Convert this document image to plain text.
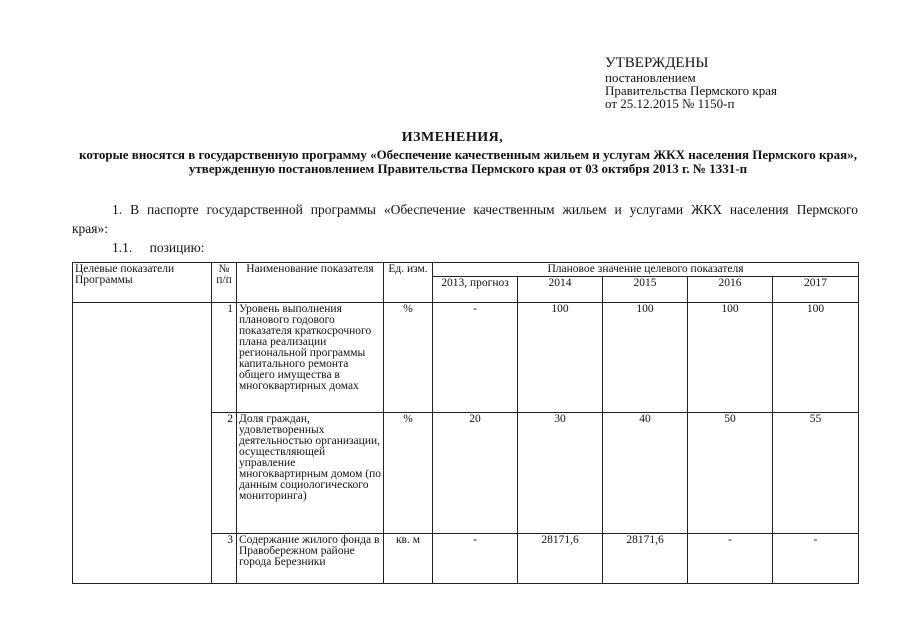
УТВЕРЖДЕНЫ
постановлением
Правительства Пермского края
от 25.12.2015 № 1150-п
ИЗМЕНЕНИЯ,
которые вносятся в государственную программу «Обеспечение качественным жильем и услугам ЖКХ населения Пермского края», утвержденную постановлением Правительства Пермского края от 03 октября 2013 г. № 1331-п
1. В паспорте государственной программы «Обеспечение качественным жильем и услугами ЖКХ населения Пермского края»:
1.1. позицию:
Целевые показатели Программы	№ п/п	Наименование показателя	Ед. изм.	Плановое значение целевого показателя				
				2013, прогноз	2014	2015	2016	2017
	1	Уровень выполнения планового годового показателя краткосрочного плана реализации региональной программы капитального ремонта общего имущества в многоквартирных домах	%	-	100	100	100	100
	2	Доля граждан, удовлетворенных деятельностью организации, осуществляющей управление многоквартирным домом (по данным социологического мониторинга)	%	20	30	40	50	55
	3	Содержание жилого фонда в Правобережном районе города Березники	кв. м	-	28171,6	28171,6	-	-
